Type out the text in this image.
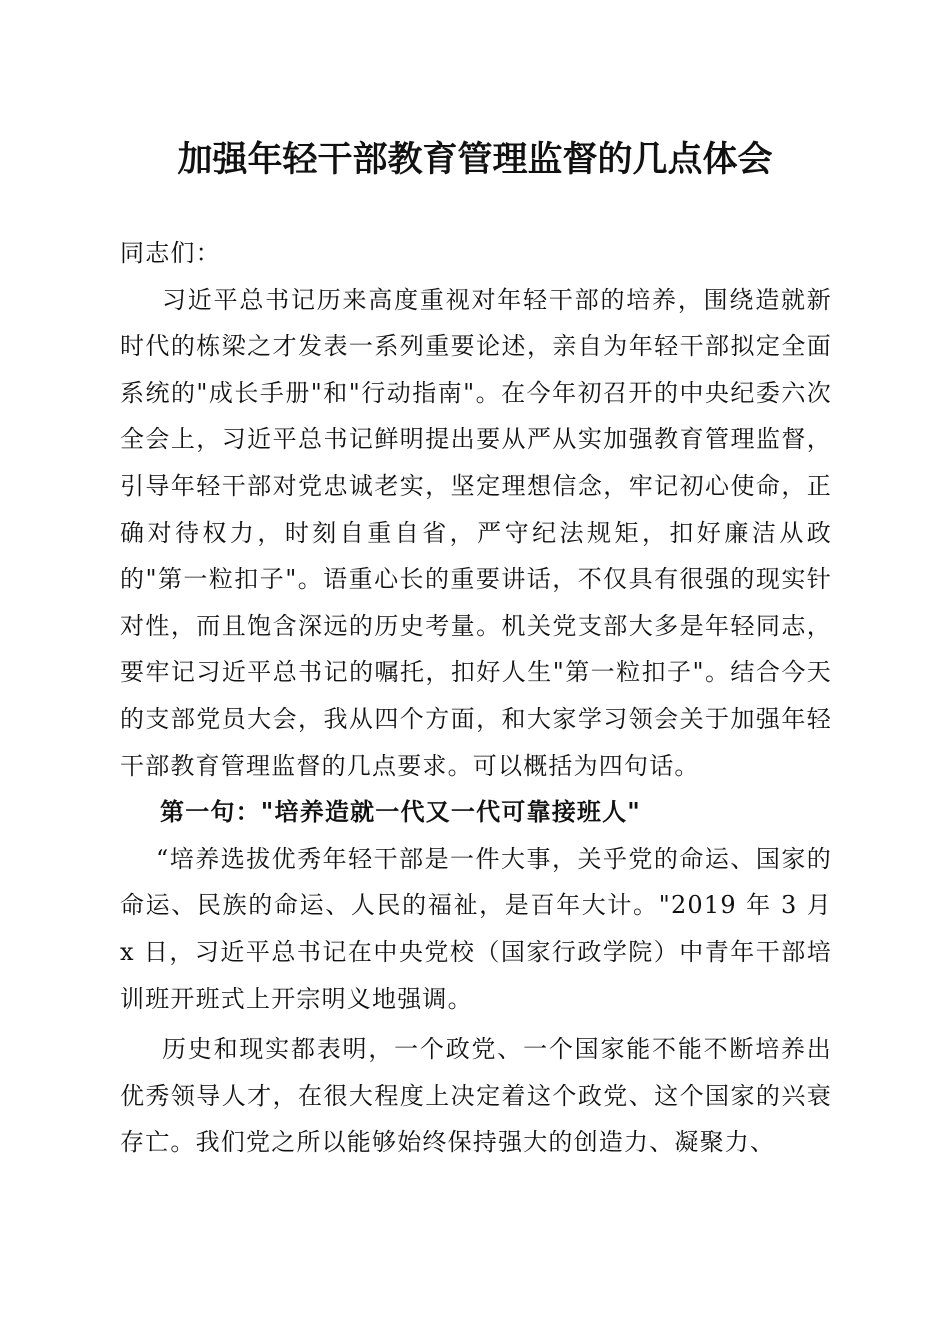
加强年轻干部教育管理监督的几点体会

同志们：

习近平总书记历来高度重视对年轻干部的培养，围绕造就新时代的栋梁之才发表一系列重要论述，亲自为年轻干部拟定全面系统的"成长手册"和"行动指南"。在今年初召开的中央纪委六次全会上，习近平总书记鲜明提出要从严从实加强教育管理监督，引导年轻干部对党忠诚老实，坚定理想信念，牢记初心使命，正确对待权力，时刻自重自省，严守纪法规矩，扣好廉洁从政的"第一粒扣子"。语重心长的重要讲话，不仅具有很强的现实针对性，而且饱含深远的历史考量。机关党支部大多是年轻同志，要牢记习近平总书记的嘱托，扣好人生"第一粒扣子"。结合今天的支部党员大会，我从四个方面，和大家学习领会关于加强年轻干部教育管理监督的几点要求。可以概括为四句话。

第一句："培养造就一代又一代可靠接班人"

“培养选拔优秀年轻干部是一件大事，关乎党的命运、国家的命运、民族的命运、人民的福祉，是百年大计。"2019 年 3 月 x 日，习近平总书记在中央党校（国家行政学院）中青年干部培训班开班式上开宗明义地强调。

历史和现实都表明，一个政党、一个国家能不能不断培养出优秀领导人才，在很大程度上决定着这个政党、这个国家的兴衰存亡。我们党之所以能够始终保持强大的创造力、凝聚力、
